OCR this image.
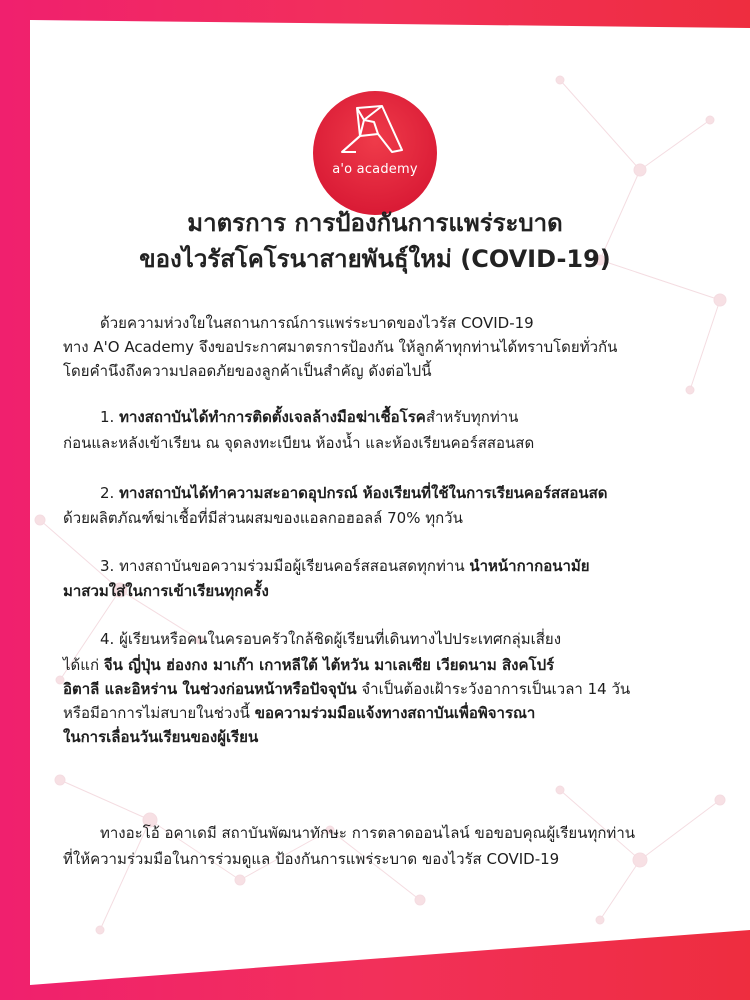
a'o academy
มาตรการ การป้องกันการแพร่ระบาด
ของไวรัสโคโรนาสายพันธุ์ใหม่ (COVID-19)
ด้วยความห่วงใยในสถานการณ์การแพร่ระบาดของไวรัส COVID-19
ทาง A'O Academy จึงขอประกาศมาตรการป้องกัน ให้ลูกค้าทุกท่านได้ทราบโดยทั่วกัน
โดยคำนึงถึงความปลอดภัยของลูกค้าเป็นสำคัญ ดังต่อไปนี้
1. ทางสถาบันได้ทำการติดตั้งเจลล้างมือฆ่าเชื้อโรคสำหรับทุกท่าน
ก่อนและหลังเข้าเรียน ณ จุดลงทะเบียน ห้องน้ำ และห้องเรียนคอร์สสอนสด
2. ทางสถาบันได้ทำความสะอาดอุปกรณ์ ห้องเรียนที่ใช้ในการเรียนคอร์สสอนสด
ด้วยผลิตภัณฑ์ฆ่าเชื้อที่มีส่วนผสมของแอลกอฮอลล์ 70% ทุกวัน
3. ทางสถาบันขอความร่วมมือผู้เรียนคอร์สสอนสดทุกท่าน นำหน้ากากอนามัย
มาสวมใส่ในการเข้าเรียนทุกครั้ง
4. ผู้เรียนหรือคนในครอบครัวใกล้ชิดผู้เรียนที่เดินทางไปประเทศกลุ่มเสี่ยง
ได้แก่ จีน ญี่ปุ่น ฮ่องกง มาเก๊า เกาหลีใต้ ไต้หวัน มาเลเซีย เวียดนาม สิงคโปร์
อิตาลี และอิหร่าน ในช่วงก่อนหน้าหรือปัจจุบัน จำเป็นต้องเฝ้าระวังอาการเป็นเวลา 14 วัน
หรือมีอาการไม่สบายในช่วงนี้ ขอความร่วมมือแจ้งทางสถาบันเพื่อพิจารณา
ในการเลื่อนวันเรียนของผู้เรียน
ทางอะโอ้ อคาเดมี สถาบันพัฒนาทักษะ การตลาดออนไลน์ ขอขอบคุณผู้เรียนทุกท่าน
ที่ให้ความร่วมมือในการร่วมดูแล ป้องกันการแพร่ระบาด ของไวรัส COVID-19
